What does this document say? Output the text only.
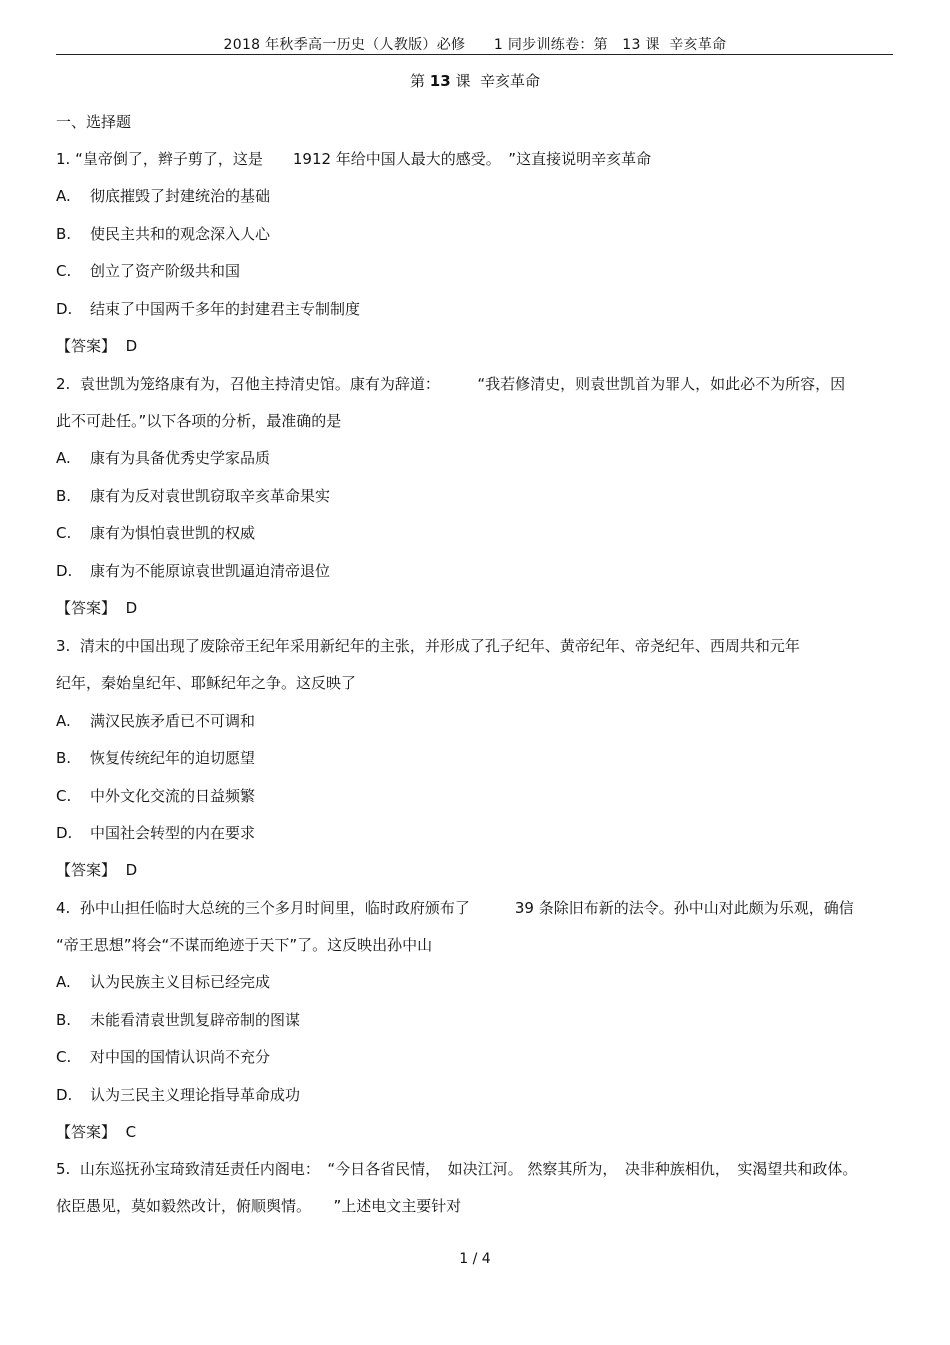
2018 年秋季高一历史（人教版）必修　　1 同步训练卷：第　13 课  辛亥革命
第 13 课  辛亥革命
一、选择题
1. “皇帝倒了，辫子剪了，这是　　1912 年给中国人最大的感受。　”这直接说明辛亥革命
A. 彻底摧毁了封建统治的基础
B. 使民主共和的观念深入人心
C. 创立了资产阶级共和国
D. 结束了中国两千多年的封建君主专制制度
【答案】 D
2.  袁世凯为笼络康有为，召他主持清史馆。康有为辞道：　　　“我若修清史，则袁世凯首为罪人，如此必不为所容，因
此不可赴任。”以下各项的分析，最准确的是
A. 康有为具备优秀史学家品质
B. 康有为反对袁世凯窃取辛亥革命果实
C. 康有为惧怕袁世凯的权威
D. 康有为不能原谅袁世凯逼迫清帝退位
【答案】 D
3.  清末的中国出现了废除帝王纪年采用新纪年的主张，并形成了孔子纪年、黄帝纪年、帝尧纪年、西周共和元年
纪年，秦始皇纪年、耶稣纪年之争。这反映了
A. 满汉民族矛盾已不可调和
B. 恢复传统纪年的迫切愿望
C. 中外文化交流的日益频繁
D. 中国社会转型的内在要求
【答案】 D
4.  孙中山担任临时大总统的三个多月时间里，临时政府颁布了　　　39 条除旧布新的法令。孙中山对此颇为乐观，确信
“帝王思想”将会“不谋而绝迹于天下”了。这反映出孙中山
A. 认为民族主义目标已经完成
B. 未能看清袁世凯复辟帝制的图谋
C. 对中国的国情认识尚不充分
D. 认为三民主义理论指导革命成功
【答案】 C
5.  山东巡抚孙宝琦致清廷责任内阁电：　“今日各省民情，　如决江河。 然察其所为，　决非种族相仇，　实渴望共和政体。
依臣愚见，莫如毅然改计，俯顺舆情。　　”上述电文主要针对
1 / 4
